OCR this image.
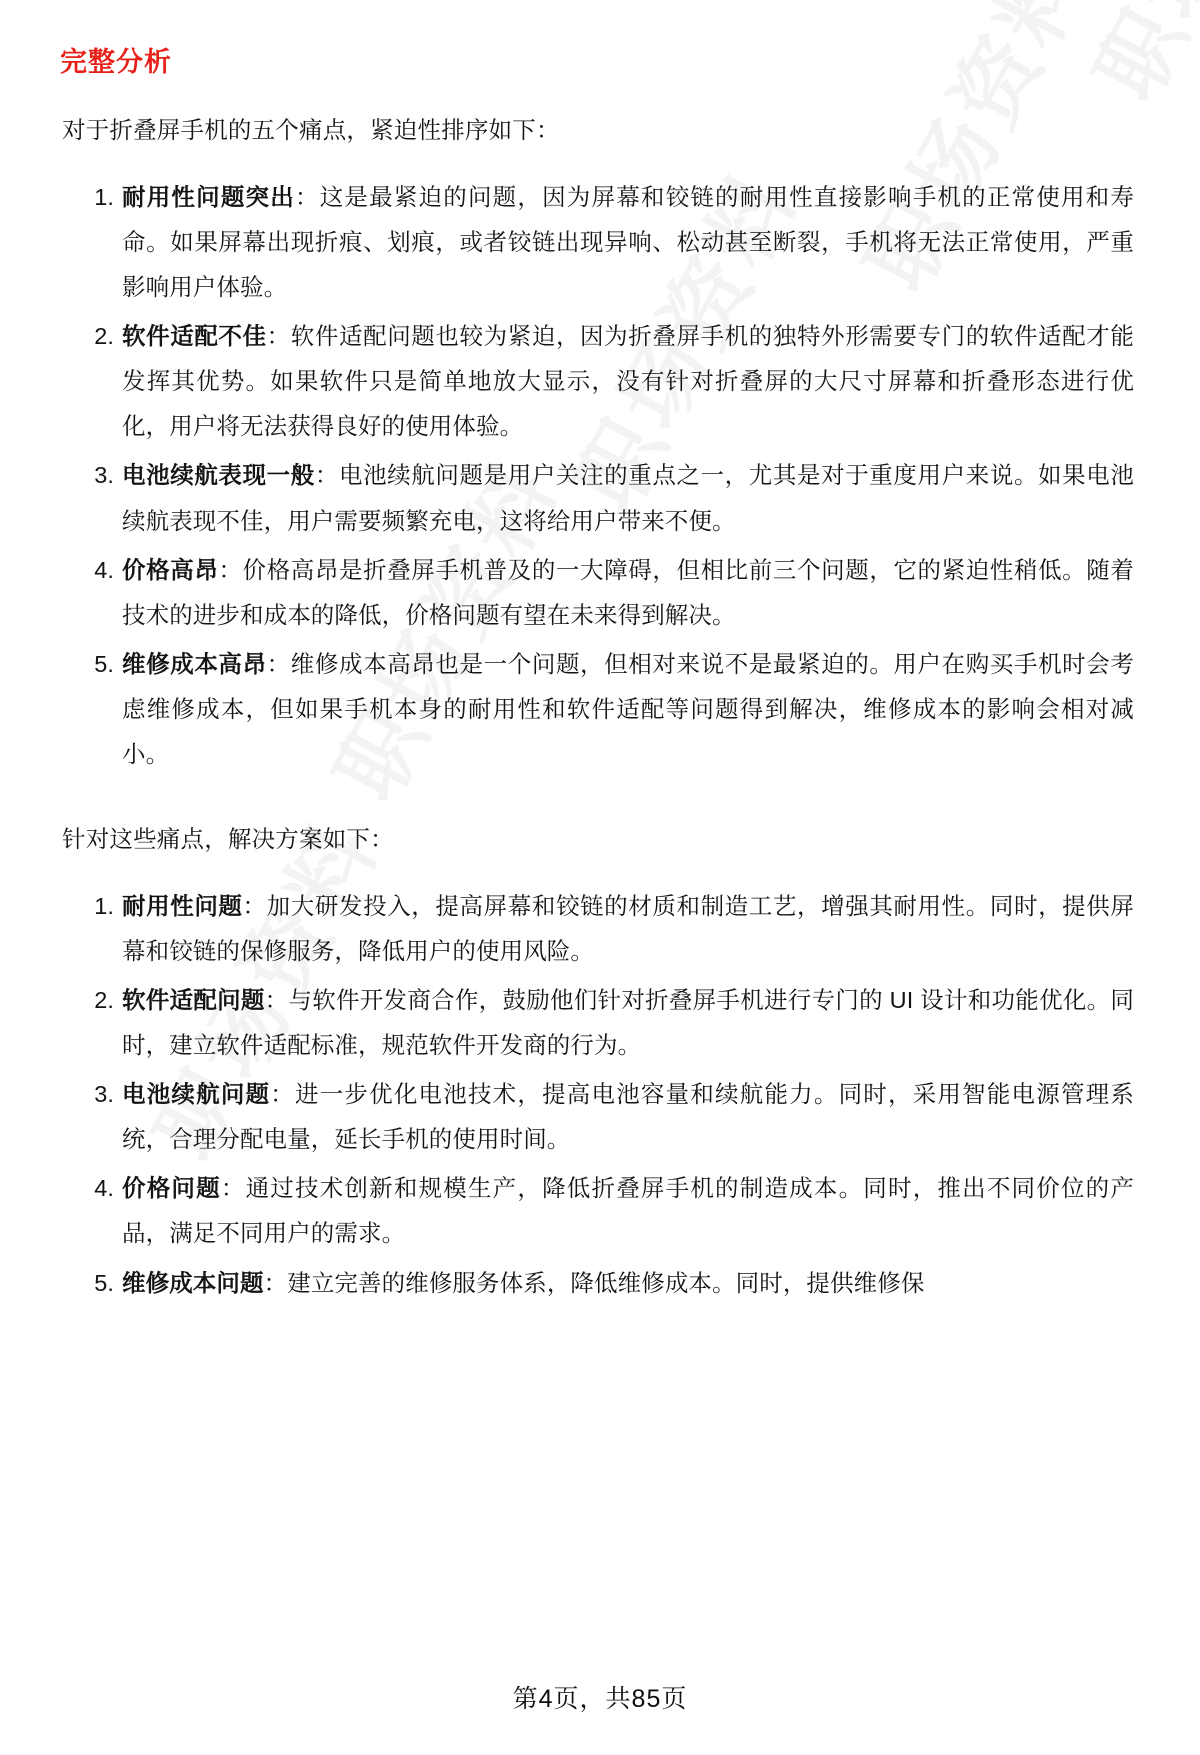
完整分析

对于折叠屏手机的五个痛点，紧迫性排序如下：

1. 耐用性问题突出：这是最紧迫的问题，因为屏幕和铰链的耐用性直接影响手机的正常使用和寿命。如果屏幕出现折痕、划痕，或者铰链出现异响、松动甚至断裂，手机将无法正常使用，严重影响用户体验。
2. 软件适配不佳：软件适配问题也较为紧迫，因为折叠屏手机的独特外形需要专门的软件适配才能发挥其优势。如果软件只是简单地放大显示，没有针对折叠屏的大尺寸屏幕和折叠形态进行优化，用户将无法获得良好的使用体验。
3. 电池续航表现一般：电池续航问题是用户关注的重点之一，尤其是对于重度用户来说。如果电池续航表现不佳，用户需要频繁充电，这将给用户带来不便。
4. 价格高昂：价格高昂是折叠屏手机普及的一大障碍，但相比前三个问题，它的紧迫性稍低。随着技术的进步和成本的降低，价格问题有望在未来得到解决。
5. 维修成本高昂：维修成本高昂也是一个问题，但相对来说不是最紧迫的。用户在购买手机时会考虑维修成本，但如果手机本身的耐用性和软件适配等问题得到解决，维修成本的影响会相对减小。

针对这些痛点，解决方案如下：

1. 耐用性问题：加大研发投入，提高屏幕和铰链的材质和制造工艺，增强其耐用性。同时，提供屏幕和铰链的保修服务，降低用户的使用风险。
2. 软件适配问题：与软件开发商合作，鼓励他们针对折叠屏手机进行专门的 UI 设计和功能优化。同时，建立软件适配标准，规范软件开发商的行为。
3. 电池续航问题：进一步优化电池技术，提高电池容量和续航能力。同时，采用智能电源管理系统，合理分配电量，延长手机的使用时间。
4. 价格问题：通过技术创新和规模生产，降低折叠屏手机的制造成本。同时，推出不同价位的产品，满足不同用户的需求。
5. 维修成本问题：建立完善的维修服务体系，降低维修成本。同时，提供维修保
第4页，共85页
